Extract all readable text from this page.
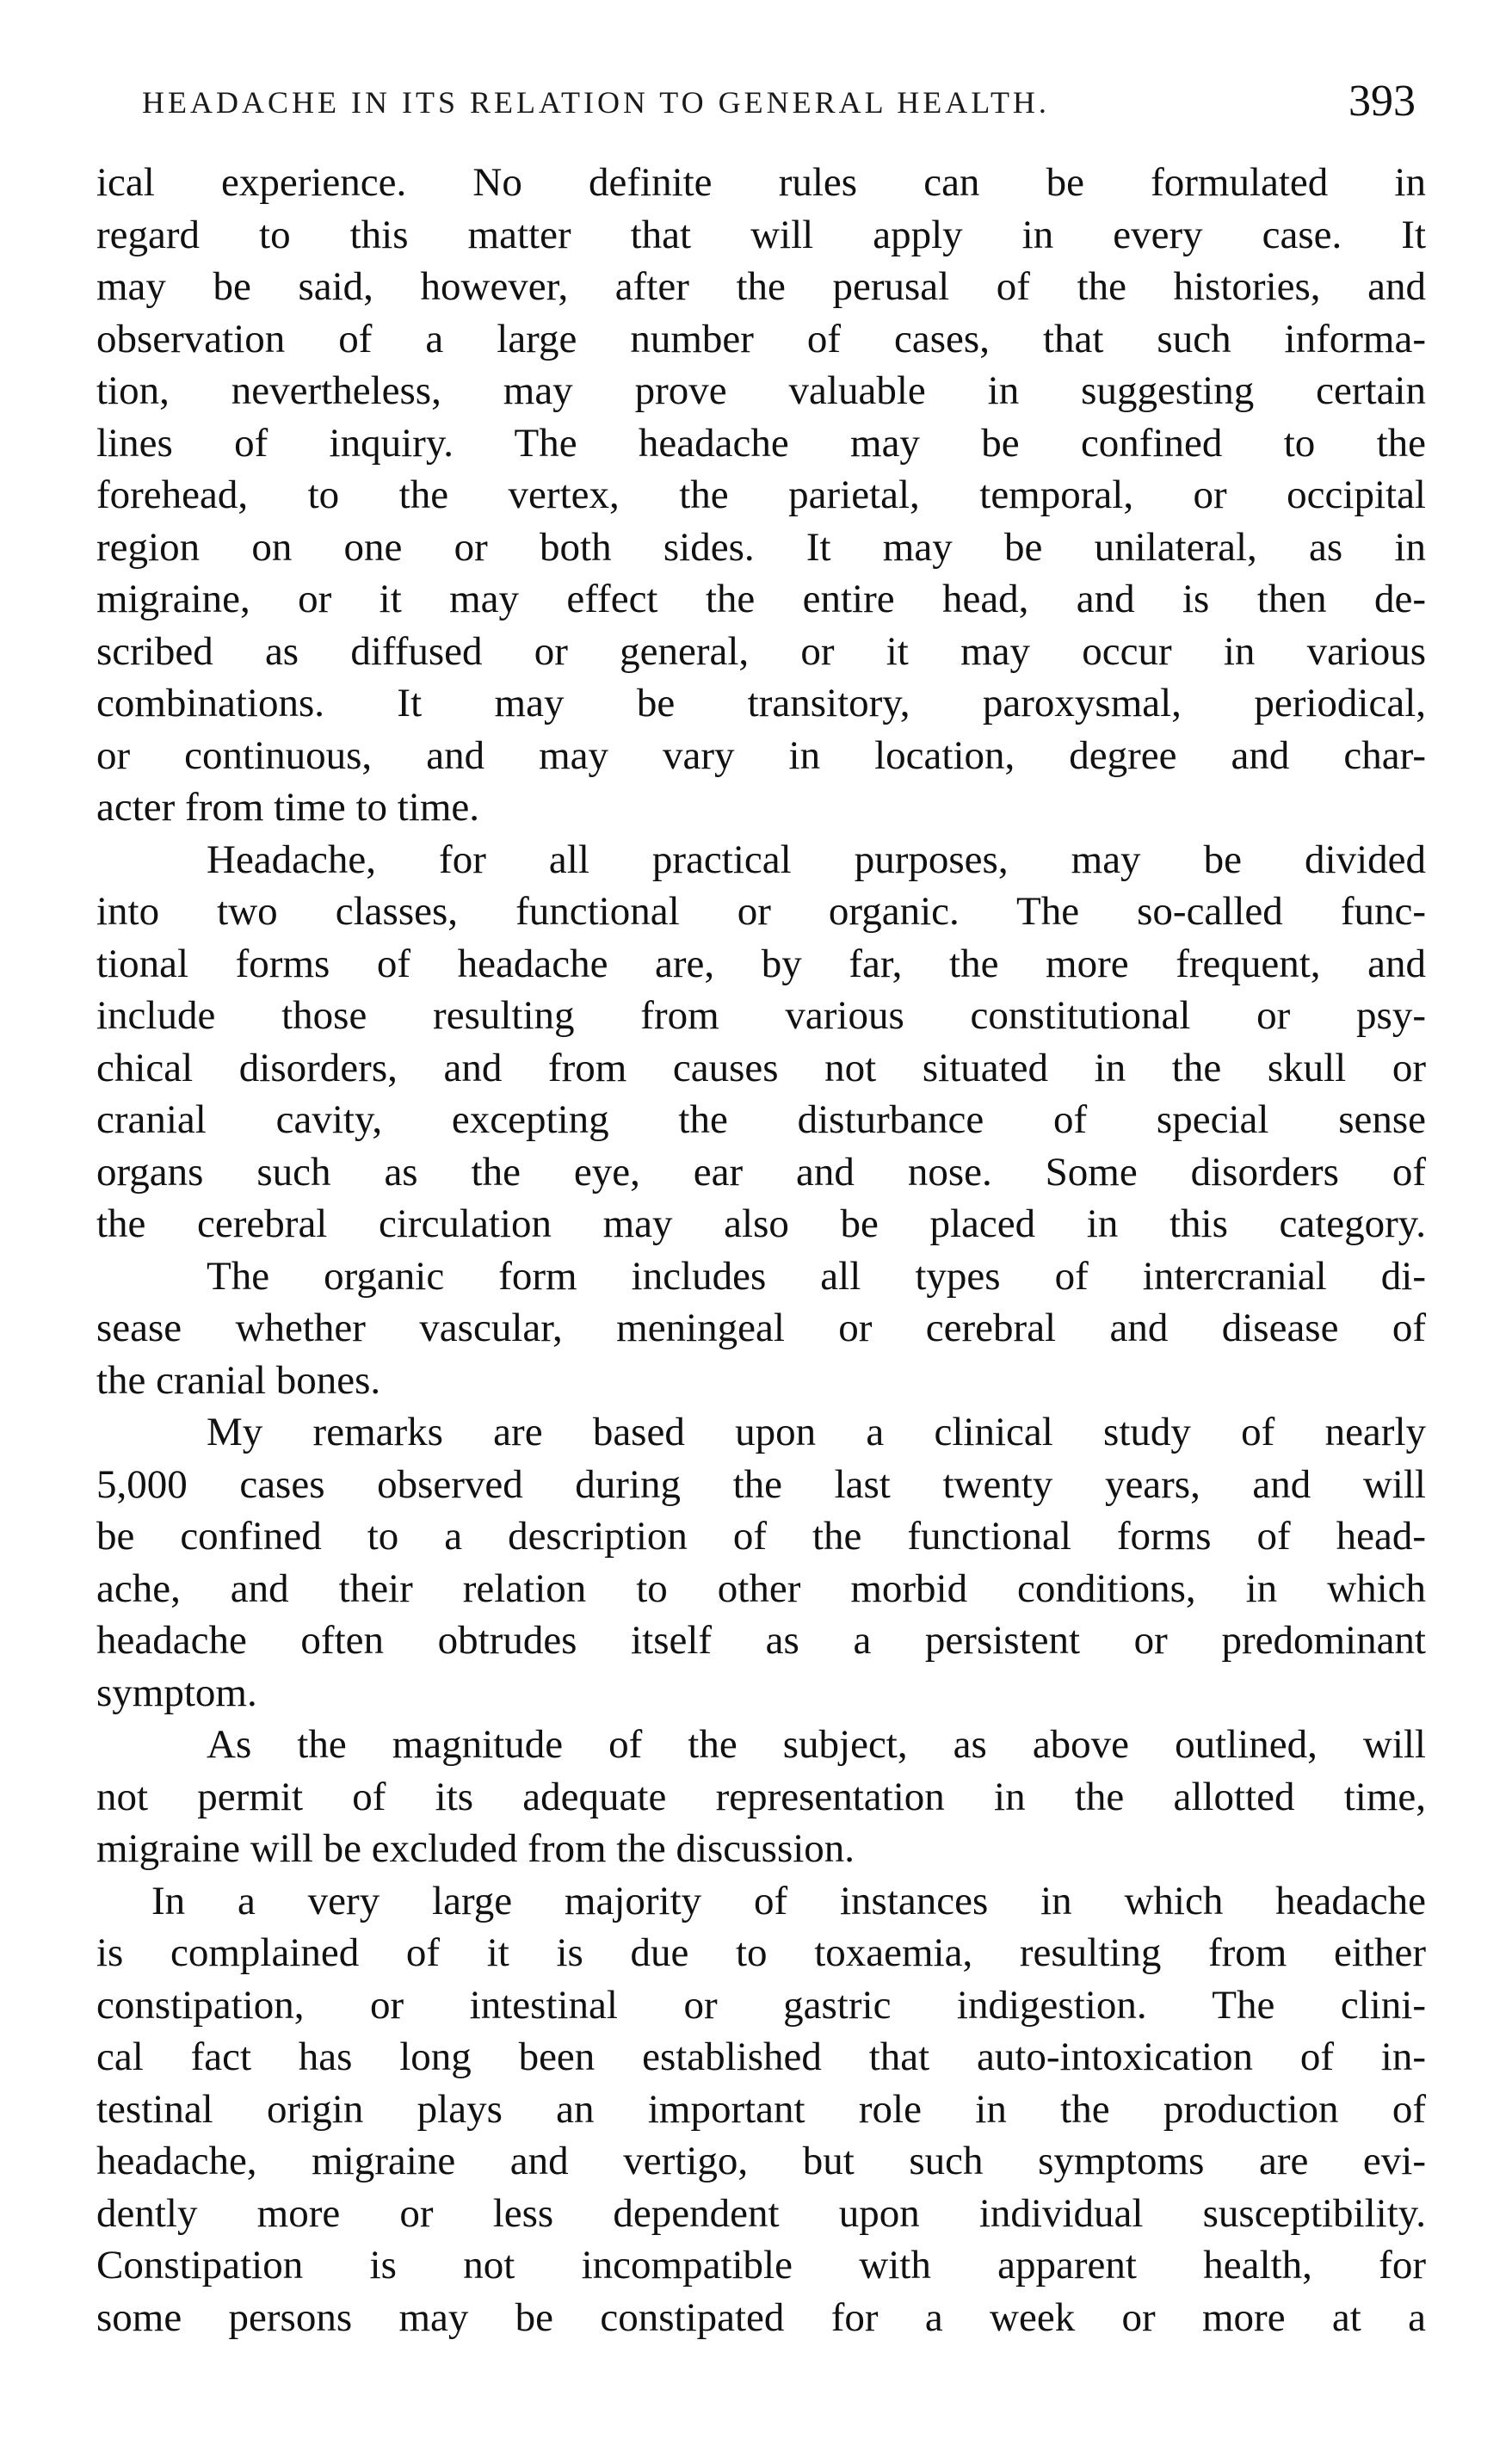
HEADACHE IN ITS RELATION TO GENERAL HEALTH.	393
ical experience. No definite rules can be formulated in
regard to this matter that will apply in every case. It
may be said, however, after the perusal of the histories, and
observation of a large number of cases, that such informa-
tion, nevertheless, may prove valuable in suggesting certain
lines of inquiry. The headache may be confined to the
forehead, to the vertex, the parietal, temporal, or occipital
region on one or both sides. It may be unilateral, as in
migraine, or it may effect the entire head, and is then de-
scribed as diffused or general, or it may occur in various
combinations. It may be transitory, paroxysmal, periodical,
or continuous, and may vary in location, degree and char-
acter from time to time.
Headache, for all practical purposes, may be divided
into two classes, functional or organic. The so-called func-
tional forms of headache are, by far, the more frequent, and
include those resulting from various constitutional or psy-
chical disorders, and from causes not situated in the skull or
cranial cavity, excepting the disturbance of special sense
organs such as the eye, ear and nose. Some disorders of
the cerebral circulation may also be placed in this category.
The organic form includes all types of intercranial di-
sease whether vascular, meningeal or cerebral and disease of
the cranial bones.
My remarks are based upon a clinical study of nearly
5,000 cases observed during the last twenty years, and will
be confined to a description of the functional forms of head-
ache, and their relation to other morbid conditions, in which
headache often obtrudes itself as a persistent or predominant
symptom.
As the magnitude of the subject, as above outlined, will
not permit of its adequate representation in the allotted time,
migraine will be excluded from the discussion.
In a very large majority of instances in which headache
is complained of it is due to toxaemia, resulting from either
constipation, or intestinal or gastric indigestion. The clini-
cal fact has long been established that auto-intoxication of in-
testinal origin plays an important role in the production of
headache, migraine and vertigo, but such symptoms are evi-
dently more or less dependent upon individual susceptibility.
Constipation is not incompatible with apparent health, for
some persons may be constipated for a week or more at a
